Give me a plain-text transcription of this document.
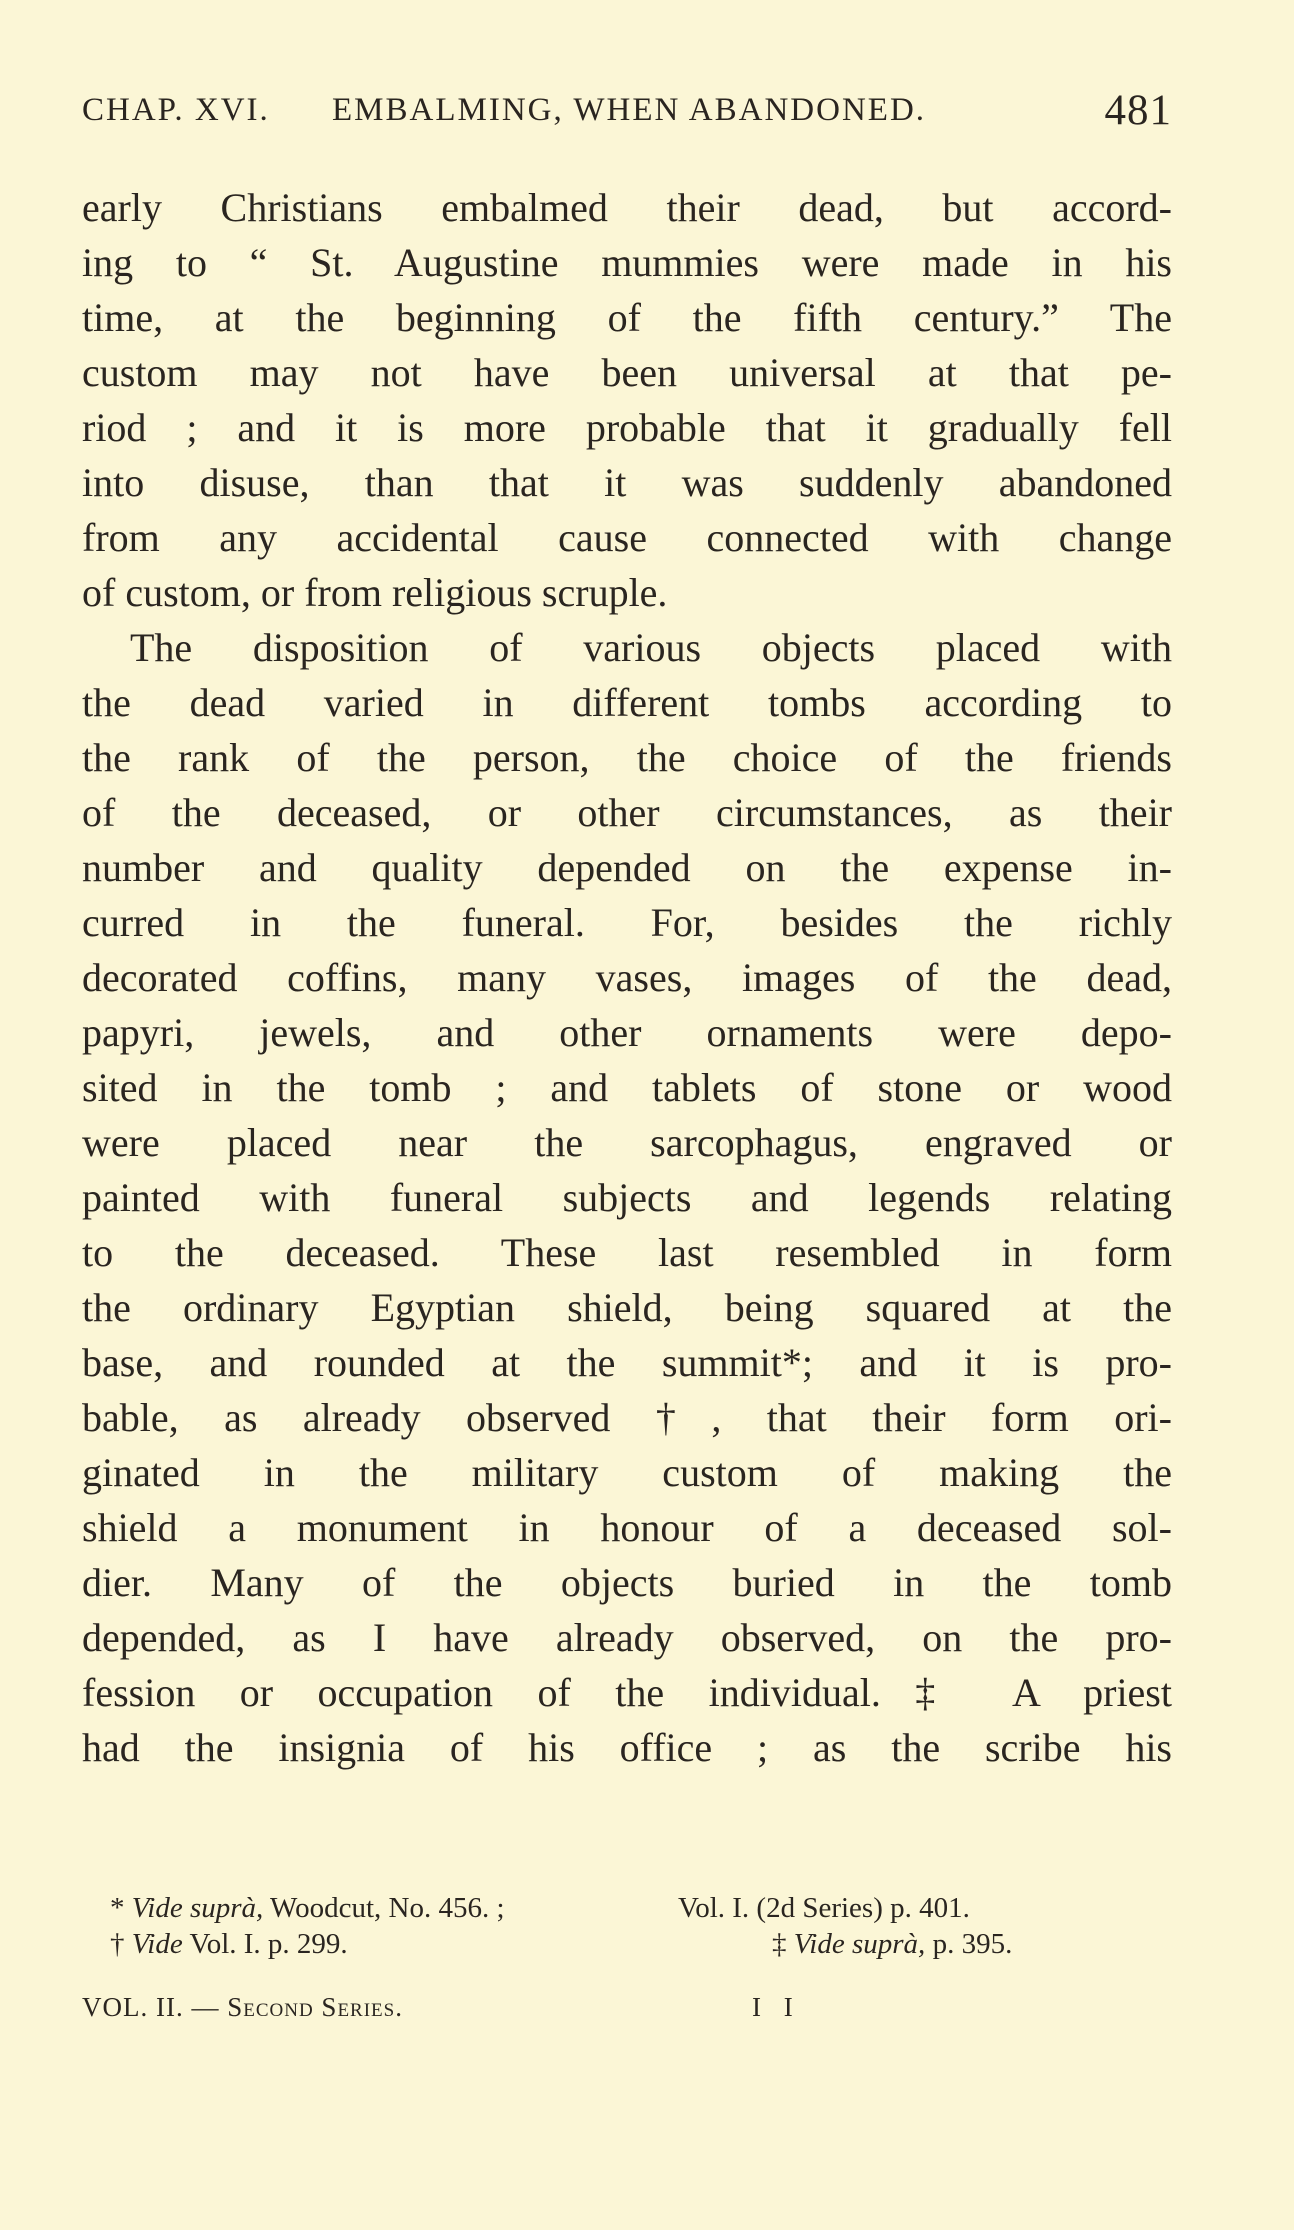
CHAP. XVI. EMBALMING, WHEN ABANDONED.	481
early Christians embalmed their dead, but accord-
ing to “ St. Augustine mummies were made in his
time, at the beginning of the fifth century.” The
custom may not have been universal at that pe-
riod ; and it is more probable that it gradually fell
into disuse, than that it was suddenly abandoned
from any accidental cause connected with change
of custom, or from religious scruple.
The disposition of various objects placed with
the dead varied in different tombs according to
the rank of the person, the choice of the friends
of the deceased, or other circumstances, as their
number and quality depended on the expense in-
curred in the funeral. For, besides the richly
decorated coffins, many vases, images of the dead,
papyri, jewels, and other ornaments were depo-
sited in the tomb ; and tablets of stone or wood
were placed near the sarcophagus, engraved or
painted with funeral subjects and legends relating
to the deceased. These last resembled in form
the ordinary Egyptian shield, being squared at the
base, and rounded at the summit*; and it is pro-
bable, as already observed †, that their form ori-
ginated in the military custom of making the
shield a monument in honour of a deceased sol-
dier. Many of the objects buried in the tomb
depended, as I have already observed, on the pro-
fession or occupation of the individual.‡ A priest
had the insignia of his office ; as the scribe his
* Vide suprà, Woodcut, No. 456. ;	Vol. I. (2d Series) p. 401.
† Vide Vol. I. p. 299.	‡ Vide suprà, p. 395.
VOL. II. — Second Series.	I I
